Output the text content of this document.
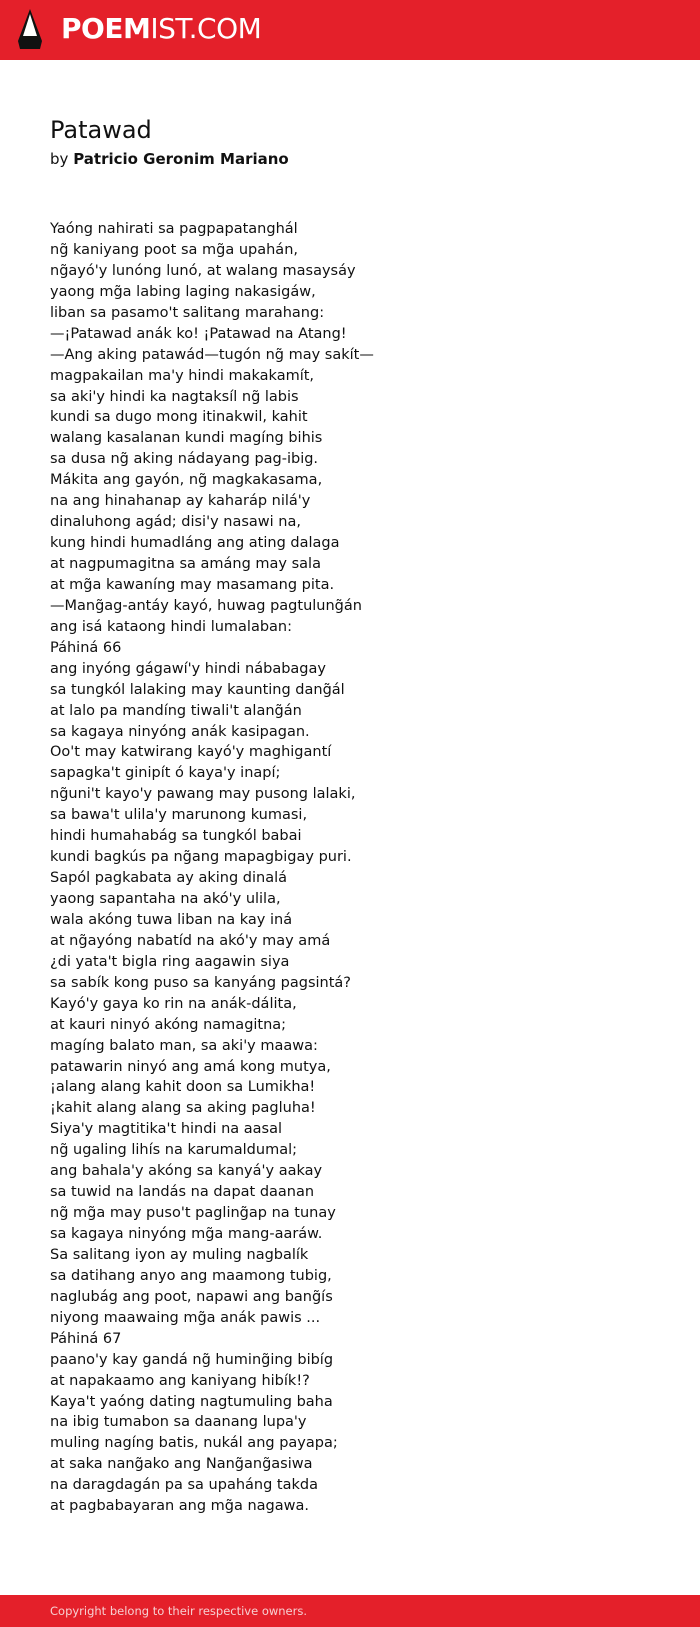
POEMIST.COM
Patawad
by Patricio Geronim Mariano
Yaóng nahirati sa pagpapatanghál
ng̃ kaniyang poot sa mg̃a upahán,
ng̃ayó'y lunóng lunó, at walang masaysáy
yaong mg̃a labing laging nakasigáw,
liban sa pasamo't salitang marahang:
—¡Patawad anák ko! ¡Patawad na Atang!
—Ang aking patawád—tugón ng̃ may sakít—
magpakailan ma'y hindi makakamít,
sa aki'y hindi ka nagtaksíl ng̃ labis
kundi sa dugo mong itinakwil, kahit
walang kasalanan kundi magíng bihis
sa dusa ng̃ aking nádayang pag-ibig.
Mákita ang gayón, ng̃ magkakasama,
na ang hinahanap ay kaharáp nilá'y
dinaluhong agád; disi'y nasawi na,
kung hindi humadláng ang ating dalaga
at nagpumagitna sa amáng may sala
at mg̃a kawaníng may masamang pita.
—Mang̃ag-antáy kayó, huwag pagtulung̃án
ang isá kataong hindi lumalaban:
Páhiná 66
ang inyóng gágawí'y hindi nábabagay
sa tungkól lalaking may kaunting dang̃ál
at lalo pa mandíng tiwali't alang̃án
sa kagaya ninyóng anák kasipagan.
Oo't may katwirang kayó'y maghigantí
sapagka't ginipít ó kaya'y inapí;
ng̃uni't kayo'y pawang may pusong lalaki,
sa bawa't ulila'y marunong kumasi,
hindi humahabág sa tungkól babai
kundi bagkús pa ng̃ang mapagbigay puri.
Sapól pagkabata ay aking dinalá
yaong sapantaha na akó'y ulila,
wala akóng tuwa liban na kay iná
at ng̃ayóng nabatíd na akó'y may amá
¿di yata't bigla ring aagawin siya
sa sabík kong puso sa kanyáng pagsintá?
Kayó'y gaya ko rin na anák-dálita,
at kauri ninyó akóng namagitna;
magíng balato man, sa aki'y maawa:
patawarin ninyó ang amá kong mutya,
¡alang alang kahit doon sa Lumikha!
¡kahit alang alang sa aking pagluha!
Siya'y magtitika't hindi na aasal
ng̃ ugaling lihís na karumaldumal;
ang bahala'y akóng sa kanyá'y aakay
sa tuwid na landás na dapat daanan
ng̃ mg̃a may puso't pagling̃ap na tunay
sa kagaya ninyóng mg̃a mang-aaráw.
Sa salitang iyon ay muling nagbalík
sa datihang anyo ang maamong tubig,
naglubág ang poot, napawi ang bang̃ís
niyong maawaing mg̃a anák pawis ...
Páhiná 67
paano'y kay gandá ng̃ huming̃ing bibíg
at napakaamo ang kaniyang hibík!?
Kaya't yaóng dating nagtumuling baha
na ibig tumabon sa daanang lupa'y
muling nagíng batis, nukál ang payapa;
at saka nang̃ako ang Nang̃ang̃asiwa
na daragdagán pa sa upaháng takda
at pagbabayaran ang mg̃a nagawa.
Copyright belong to their respective owners.
